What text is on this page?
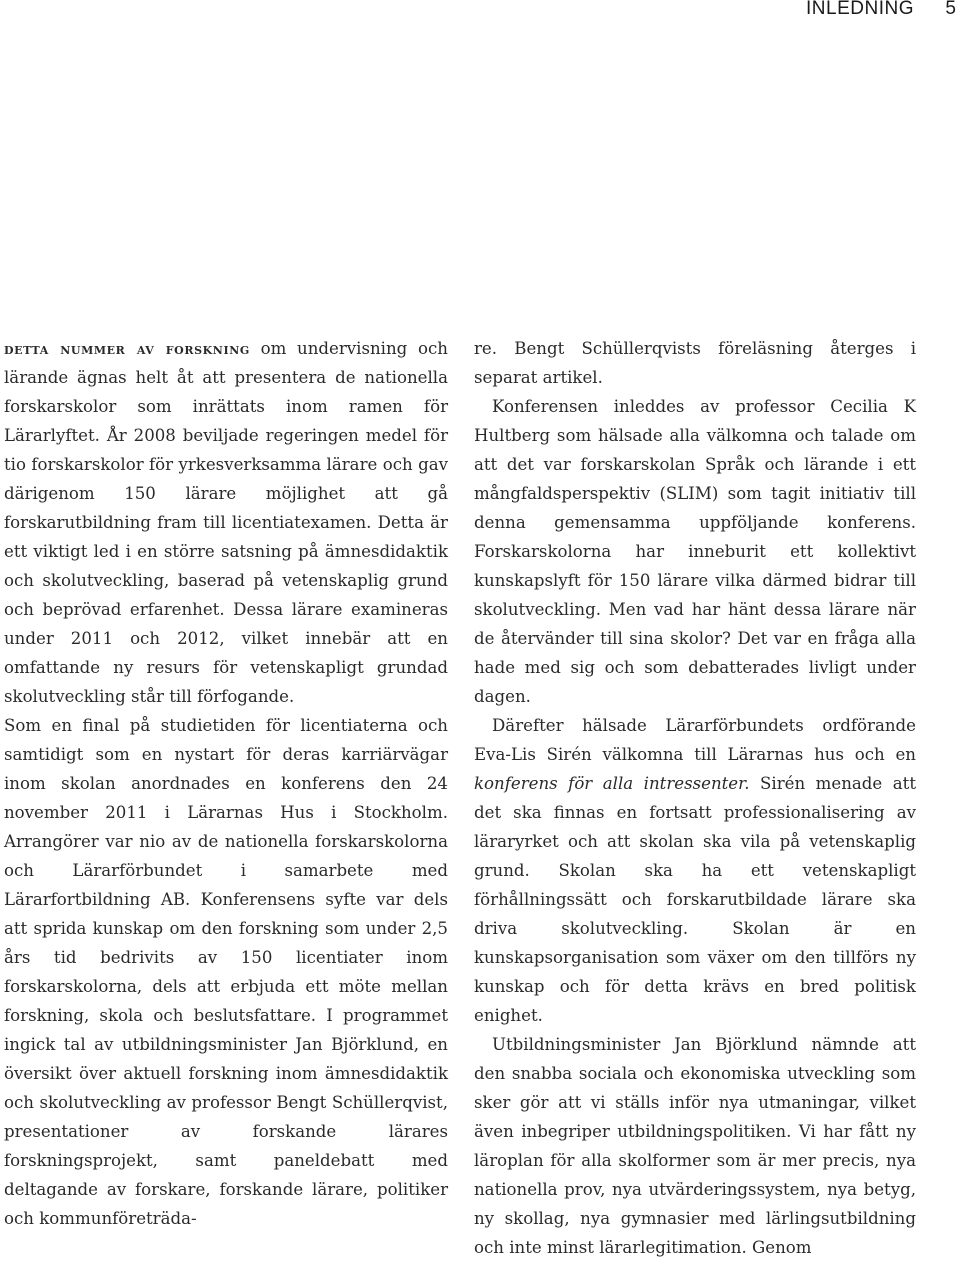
INLEDNING 5

detta nummer av forskning om undervisning och lärande ägnas helt åt att presentera de nationella forskarskolor som inrättats inom ramen för Lärarlyftet. År 2008 beviljade regeringen medel för tio forskarskolor för yrkesverksamma lärare och gav därigenom 150 lärare möjlighet att gå forskarutbildning fram till licentiatexamen. Detta är ett viktigt led i en större satsning på ämnesdidaktik och skolutveckling, baserad på vetenskaplig grund och beprövad erfarenhet. Dessa lärare examineras under 2011 och 2012, vilket innebär att en omfattande ny resurs för vetenskapligt grundad skolutveckling står till förfogande.

Som en final på studietiden för licentiaterna och samtidigt som en nystart för deras karriärvägar inom skolan anordnades en konferens den 24 november 2011 i Lärarnas Hus i Stockholm. Arrangörer var nio av de nationella forskarskolorna och Lärarförbundet i samarbete med Lärarfortbildning AB. Konferensens syfte var dels att sprida kunskap om den forskning som under 2,5 års tid bedrivits av 150 licentiater inom forskarskolorna, dels att erbjuda ett möte mellan forskning, skola och beslutsfattare. I programmet ingick tal av utbildningsminister Jan Björklund, en översikt över aktuell forskning inom ämnesdidaktik och skolutveckling av professor Bengt Schüllerqvist, presentationer av forskande lärares forskningsprojekt, samt paneldebatt med deltagande av forskare, forskande lärare, politiker och kommunföreträda-

re. Bengt Schüllerqvists föreläsning återges i separat artikel.

Konferensen inleddes av professor Cecilia K Hultberg som hälsade alla välkomna och talade om att det var forskarskolan Språk och lärande i ett mångfaldsperspektiv (SLIM) som tagit initiativ till denna gemensamma uppföljande konferens. Forskarskolorna har inneburit ett kollektivt kunskapslyft för 150 lärare vilka därmed bidrar till skolutveckling. Men vad har hänt dessa lärare när de återvänder till sina skolor? Det var en fråga alla hade med sig och som debatterades livligt under dagen.

Därefter hälsade Lärarförbundets ordförande Eva-Lis Sirén välkomna till Lärarnas hus och en konferens för alla intressenter. Sirén menade att det ska finnas en fortsatt professionalisering av läraryrket och att skolan ska vila på vetenskaplig grund. Skolan ska ha ett vetenskapligt förhållningssätt och forskarutbildade lärare ska driva skolutveckling. Skolan är en kunskapsorganisation som växer om den tillförs ny kunskap och för detta krävs en bred politisk enighet.

Utbildningsminister Jan Björklund nämnde att den snabba sociala och ekonomiska utveckling som sker gör att vi ställs inför nya utmaningar, vilket även inbegriper utbildningspolitiken. Vi har fått ny läroplan för alla skolformer som är mer precis, nya nationella prov, nya utvärderingssystem, nya betyg, ny skollag, nya gymnasier med lärlingsutbildning och inte minst lärarlegitimation. Genom
